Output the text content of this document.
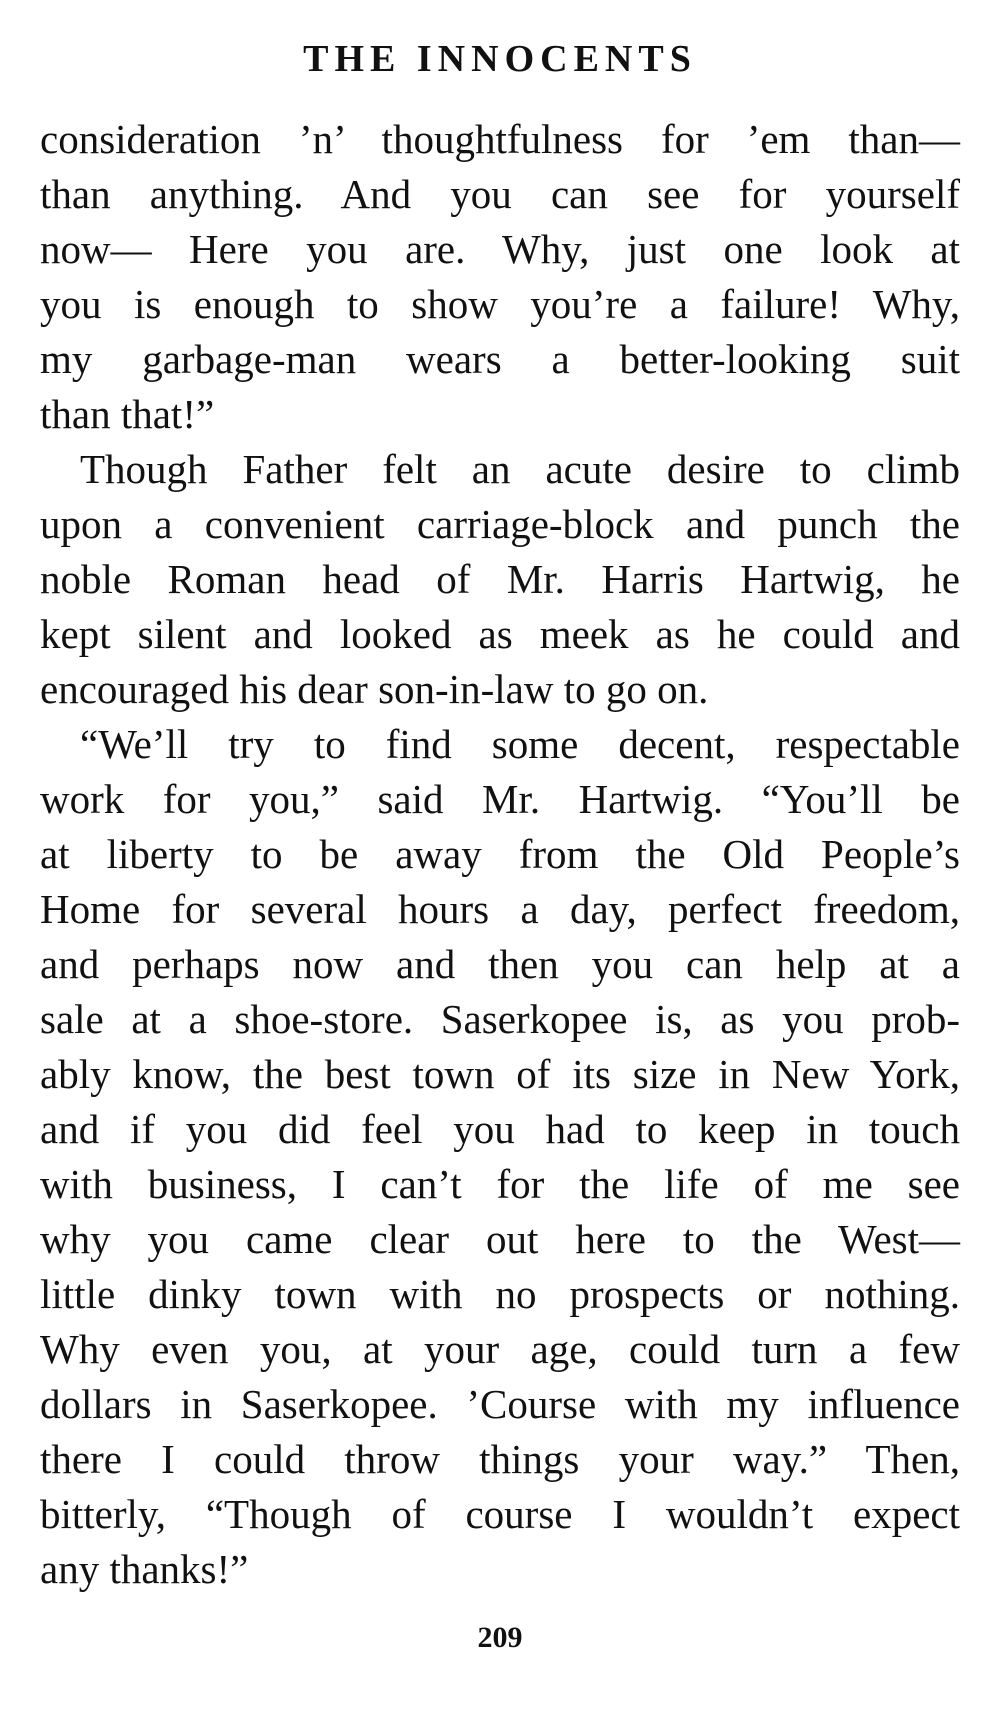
THE INNOCENTS
consideration ’n’ thoughtfulness for ’em than—
than anything. And you can see for yourself
now— Here you are. Why, just one look at
you is enough to show you’re a failure! Why,
my garbage-man wears a better-looking suit
than that!”
Though Father felt an acute desire to climb
upon a convenient carriage-block and punch the
noble Roman head of Mr. Harris Hartwig, he
kept silent and looked as meek as he could and
encouraged his dear son-in-law to go on.
“We’ll try to find some decent, respectable
work for you,” said Mr. Hartwig. “You’ll be
at liberty to be away from the Old People’s
Home for several hours a day, perfect freedom,
and perhaps now and then you can help at a
sale at a shoe-store. Saserkopee is, as you prob-
ably know, the best town of its size in New York,
and if you did feel you had to keep in touch
with business, I can’t for the life of me see
why you came clear out here to the West—
little dinky town with no prospects or nothing.
Why even you, at your age, could turn a few
dollars in Saserkopee. ’Course with my influence
there I could throw things your way.” Then,
bitterly, “Though of course I wouldn’t expect
any thanks!”
209
